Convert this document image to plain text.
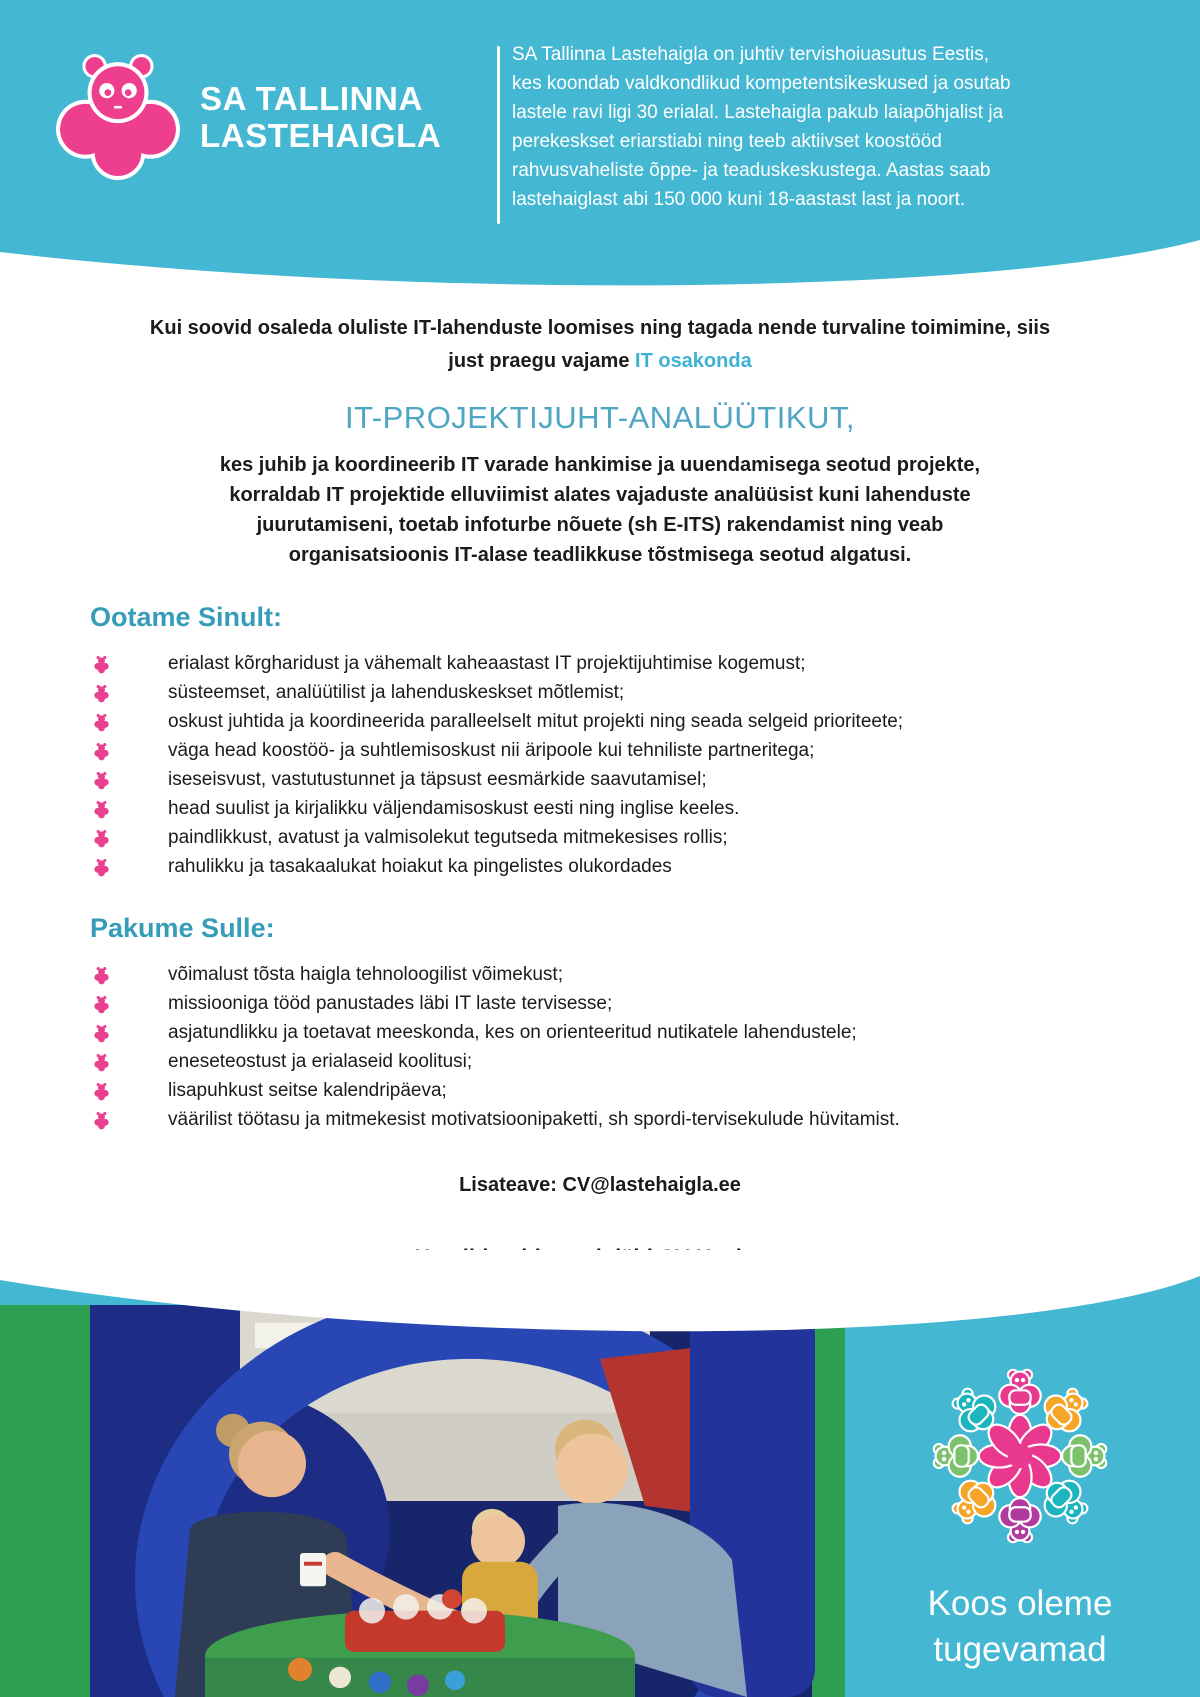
SA TALLINNA
LASTEHAIGLA
SA Tallinna Lastehaigla on juhtiv tervishoiuasutus Eestis,
kes koondab valdkondlikud kompetentsikeskused ja osutab
lastele ravi ligi 30 erialal. Lastehaigla pakub laiapõhjalist ja
perekeskset eriarstiabi ning teeb aktiivset koostööd
rahvusvaheliste õppe- ja teaduskeskustega. Aastas saab
lastehaiglast abi 150 000 kuni 18-aastast last ja noort.

Kui soovid osaleda oluliste IT-lahenduste loomises ning tagada nende turvaline toimimine, siis
just praegu vajame IT osakonda

IT-PROJEKTIJUHT-ANALÜÜTIKUT,
kes juhib ja koordineerib IT varade hankimise ja uuendamisega seotud projekte,
korraldab IT projektide elluviimist alates vajaduste analüüsist kuni lahenduste
juurutamiseni, toetab infoturbe nõuete (sh E-ITS) rakendamist ning veab
organisatsioonis IT-alase teadlikkuse tõstmisega seotud algatusi.
Ootame Sinult:
erialast kõrgharidust ja vähemalt kaheaastast IT projektijuhtimise kogemust;
süsteemset, analüütilist ja lahenduskeskset mõtlemist;
oskust juhtida ja koordineerida paralleelselt mitut projekti ning seada selgeid prioriteete;
väga head koostöö- ja suhtlemisoskust nii äripoole kui tehniliste partneritega;
iseseisvust, vastutustunnet ja täpsust eesmärkide saavutamisel;
head suulist ja kirjalikku väljendamisoskust eesti ning inglise keeles.
paindlikkust, avatust ja valmisolekut tegutseda mitmekesises rollis;
rahulikku ja tasakaalukat hoiakut ka pingelistes olukordades
Pakume Sulle:
võimalust tõsta haigla tehnoloogilist võimekust;
missiooniga tööd panustades läbi IT laste tervisesse;
asjatundlikku ja toetavat meeskonda, kes on orienteeritud nutikatele lahendustele;
eneseteostust ja erialaseid koolitusi;
lisapuhkust seitse kalendripäeva;
väärilist töötasu ja mitmekesist motivatsioonipaketti, sh spordi-tervisekulude hüvitamist.

Lisateave: CV@lastehaigla.ee

Koos oleme
tugevamad
